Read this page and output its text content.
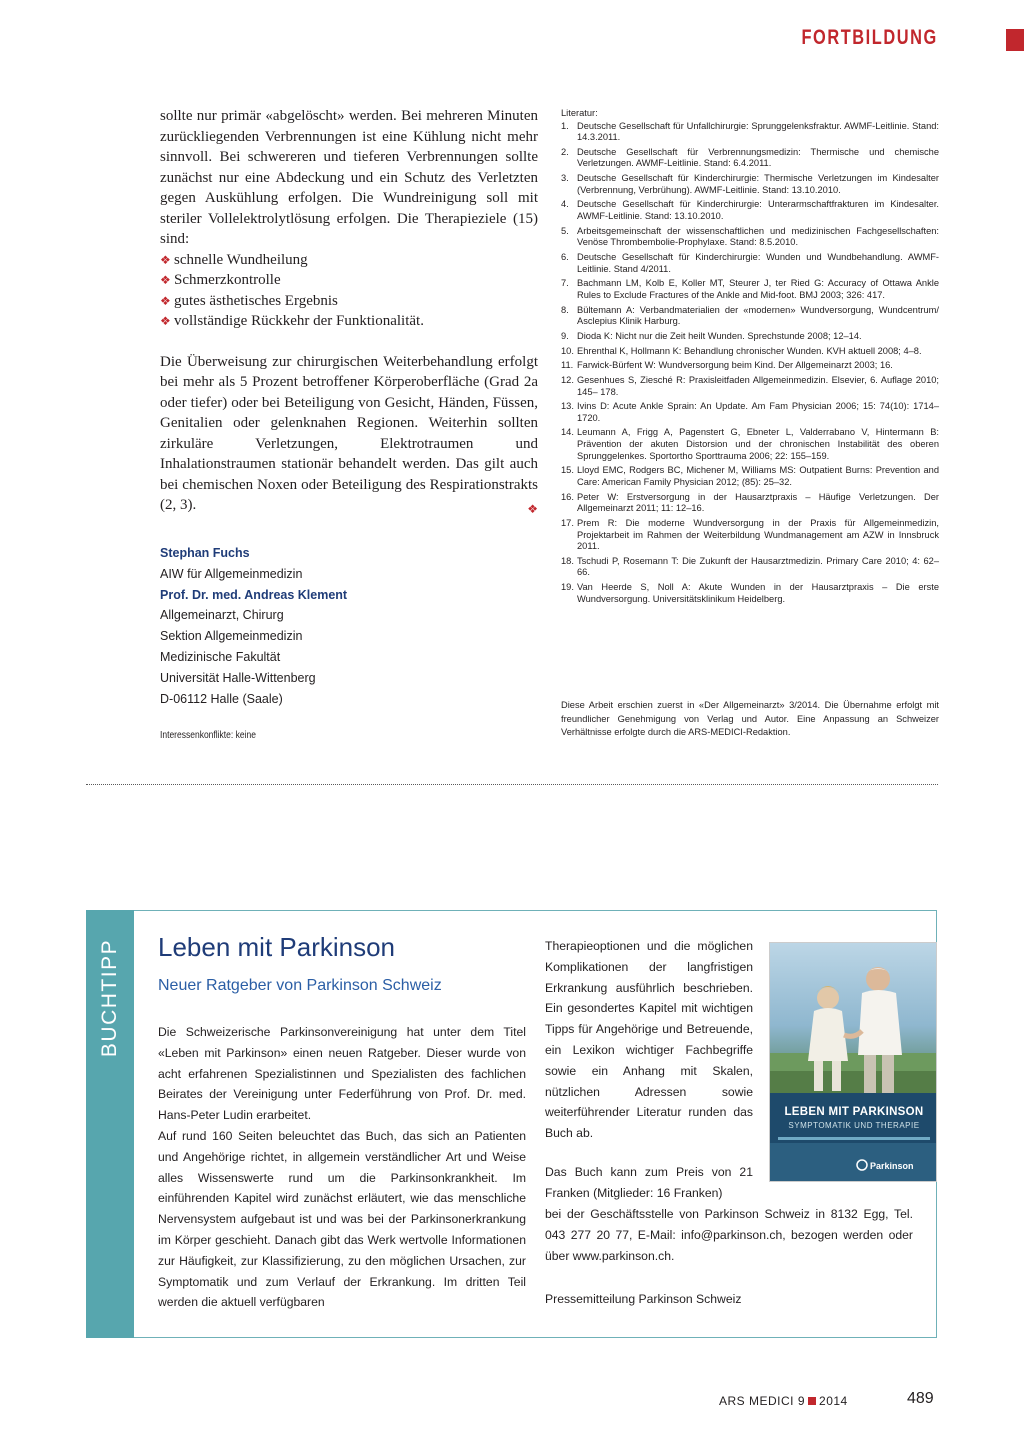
FORTBILDUNG

sollte nur primär «abgelöscht» werden. Bei mehreren Minuten zurückliegenden Verbrennungen ist eine Kühlung nicht mehr sinnvoll. Bei schwereren und tieferen Verbrennungen sollte zunächst nur eine Abdeckung und ein Schutz des Verletzten gegen Auskühlung erfolgen. Die Wundreinigung soll mit steriler Vollelektrolytlösung erfolgen. Die Therapieziele (15) sind:

❖ schnelle Wundheilung
❖ Schmerzkontrolle
❖ gutes ästhetisches Ergebnis
❖ vollständige Rückkehr der Funktionalität.

Die Überweisung zur chirurgischen Weiterbehandlung erfolgt bei mehr als 5 Prozent betroffener Körperoberfläche (Grad 2a oder tiefer) oder bei Beteiligung von Gesicht, Händen, Füssen, Genitalien oder gelenknahen Regionen. Weiterhin sollten zirkuläre Verletzungen, Elektrotraumen und Inhalationstraumen stationär behandelt werden. Das gilt auch bei chemischen Noxen oder Beteiligung des Respirationstrakts (2, 3).	❖

Stephan Fuchs
AIW für Allgemeinmedizin
Prof. Dr. med. Andreas Klement
Allgemeinarzt, Chirurg
Sektion Allgemeinmedizin
Medizinische Fakultät
Universität Halle-Wittenberg
D-06112 Halle (Saale)
Interessenkonflikte: keine
Literatur:
1. Deutsche Gesellschaft für Unfallchirurgie: Sprunggelenksfraktur. AWMF-Leitlinie. Stand: 14.3.2011.
2. Deutsche Gesellschaft für Verbrennungsmedizin: Thermische und chemische Verletzungen. AWMF-Leitlinie. Stand: 6.4.2011.
3. Deutsche Gesellschaft für Kinderchirurgie: Thermische Verletzungen im Kindesalter (Verbrennung, Verbrühung). AWMF-Leitlinie. Stand: 13.10.2010.
4. Deutsche Gesellschaft für Kinderchirurgie: Unterarmschaftfrakturen im Kindesalter. AWMF-Leitlinie. Stand: 13.10.2010.
5. Arbeitsgemeinschaft der wissenschaftlichen und medizinischen Fachgesellschaften: Venöse Thrombembolie-Prophylaxe. Stand: 8.5.2010.
6. Deutsche Gesellschaft für Kinderchirurgie: Wunden und Wundbehandlung. AWMF-Leitlinie. Stand 4/2011.
7. Bachmann LM, Kolb E, Koller MT, Steurer J, ter Ried G: Accuracy of Ottawa Ankle Rules to Exclude Fractures of the Ankle and Mid-foot. BMJ 2003; 326: 417.
8. Bültemann A: Verbandmaterialien der «modernen» Wundversorgung, Wundcentrum/ Asclepius Klinik Harburg.
9. Dioda K: Nicht nur die Zeit heilt Wunden. Sprechstunde 2008; 12–14.
10. Ehrenthal K, Hollmann K: Behandlung chronischer Wunden. KVH aktuell 2008; 4–8.
11. Farwick-Bürfent W: Wundversorgung beim Kind. Der Allgemeinarzt 2003; 16.
12. Gesenhues S, Ziesché R: Praxisleitfaden Allgemeinmedizin. Elsevier, 6. Auflage 2010; 145– 178.
13. Ivins D: Acute Ankle Sprain: An Update. Am Fam Physician 2006; 15: 74(10): 1714–1720.
14. Leumann A, Frigg A, Pagenstert G, Ebneter L, Valderrabano V, Hintermann B: Prävention der akuten Distorsion und der chronischen Instabilität des oberen Sprunggelenkes. Sportortho Sporttrauma 2006; 22: 155–159.
15. Lloyd EMC, Rodgers BC, Michener M, Williams MS: Outpatient Burns: Prevention and Care: American Family Physician 2012; (85): 25–32.
16. Peter W: Erstversorgung in der Hausarztpraxis – Häufige Verletzungen. Der Allgemeinarzt 2011; 11: 12–16.
17. Prem R: Die moderne Wundversorgung in der Praxis für Allgemeinmedizin, Projektarbeit im Rahmen der Weiterbildung Wundmanagement am AZW in Innsbruck 2011.
18. Tschudi P, Rosemann T: Die Zukunft der Hausarztmedizin. Primary Care 2010; 4: 62–66.
19. Van Heerde S, Noll A: Akute Wunden in der Hausarztpraxis – Die erste Wundversorgung. Universitätsklinikum Heidelberg.
Diese Arbeit erschien zuerst in «Der Allgemeinarzt» 3/2014. Die Übernahme erfolgt mit freundlicher Genehmigung von Verlag und Autor. Eine Anpassung an Schweizer Verhältnisse erfolgte durch die ARS-MEDICI-Redaktion.
BUCHTIPP Leben mit Parkinson
Neuer Ratgeber von Parkinson Schweiz

Die Schweizerische Parkinsonvereinigung hat unter dem Titel «Leben mit Parkinson» einen neuen Ratgeber. Dieser wurde von acht erfahrenen Spezialistinnen und Spezialisten des fachlichen Beirates der Vereinigung unter Federführung von Prof. Dr. med. Hans-Peter Ludin erarbeitet.

Auf rund 160 Seiten beleuchtet das Buch, das sich an Patienten und Angehörige richtet, in allgemein verständlicher Art und Weise alles Wissenswerte rund um die Parkinsonkrankheit. Im einführenden Kapitel wird zunächst erläutert, wie das menschliche Nervensystem aufgebaut ist und was bei der Parkinsonerkrankung im Körper geschieht. Danach gibt das Werk wertvolle Informationen zur Häufigkeit, zur Klassifizierung, zu den möglichen Ursachen, zur Symptomatik und zum Verlauf der Erkrankung. Im dritten Teil werden die aktuell verfügbaren

Therapieoptionen und die möglichen Komplikationen der langfristigen Erkrankung ausführlich beschrieben. Ein gesondertes Kapitel mit wichtigen Tipps für Angehörige und Betreuende, ein Lexikon wichtiger Fachbegriffe sowie ein Anhang mit Skalen, nützlichen Adressen sowie weiterführender Literatur runden das Buch ab.

Das Buch kann zum Preis von 21 Franken (Mitglieder: 16 Franken)

bei der Geschäftsstelle von Parkinson Schweiz in 8132 Egg, Tel. 043 277 20 77, E-Mail: info@parkinson.ch, bezogen werden oder über www.parkinson.ch.

Pressemitteilung Parkinson Schweiz
LEBEN MIT PARKINSON
SYMPTOMATIK UND THERAPIE
Parkinson
ARS MEDICI 9 2014	489
